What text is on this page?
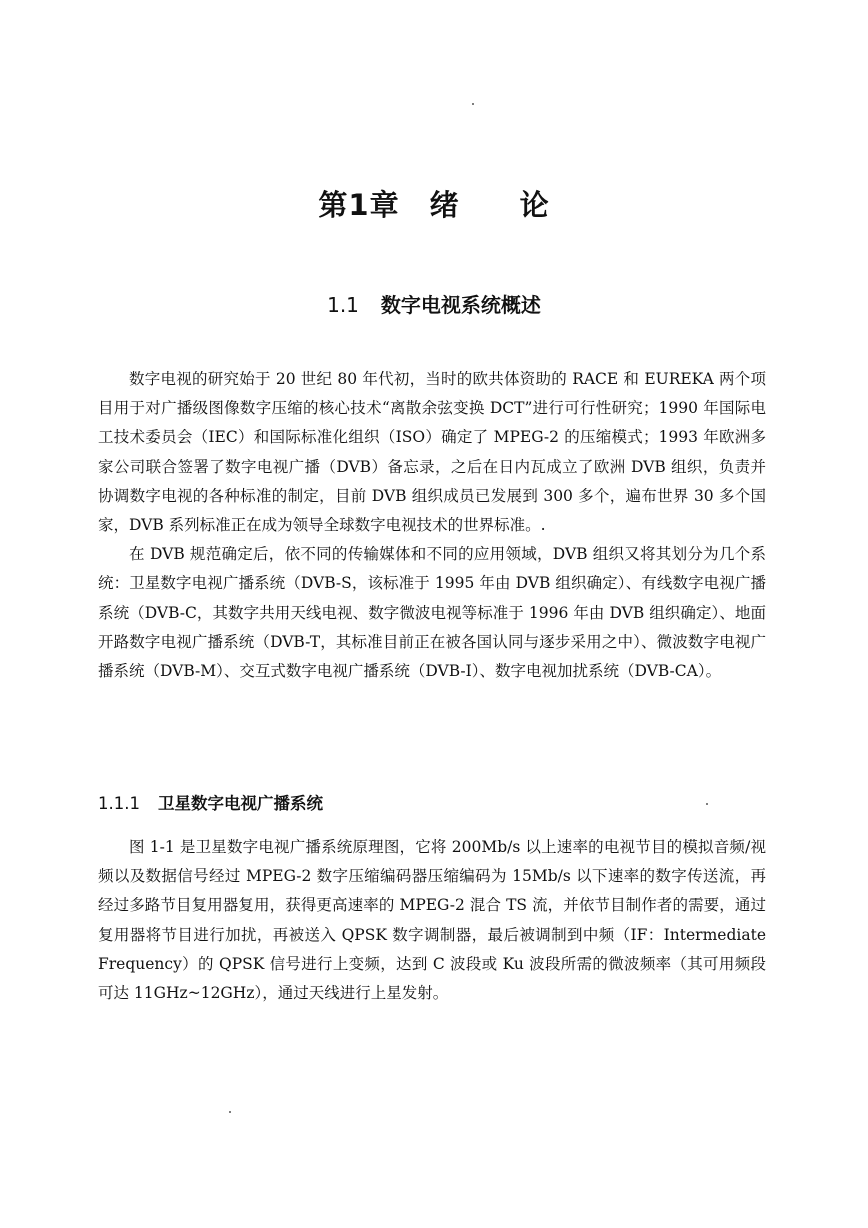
第1章 绪 论
1.1 数字电视系统概述

数字电视的研究始于 20 世纪 80 年代初，当时的欧共体资助的 RACE 和 EUREKA 两个项目用于对广播级图像数字压缩的核心技术“离散余弦变换 DCT”进行可行性研究；1990 年国际电工技术委员会（IEC）和国际标准化组织（ISO）确定了 MPEG-2 的压缩模式；1993 年欧洲多家公司联合签署了数字电视广播（DVB）备忘录，之后在日内瓦成立了欧洲 DVB 组织，负责并协调数字电视的各种标准的制定，目前 DVB 组织成员已发展到 300 多个，遍布世界 30 多个国家，DVB 系列标准正在成为领导全球数字电视技术的世界标准。.

在 DVB 规范确定后，依不同的传输媒体和不同的应用领域，DVB 组织又将其划分为几个系统：卫星数字电视广播系统（DVB-S，该标准于 1995 年由 DVB 组织确定）、有线数字电视广播系统（DVB-C，其数字共用天线电视、数字微波电视等标准于 1996 年由 DVB 组织确定）、地面开路数字电视广播系统（DVB-T，其标准目前正在被各国认同与逐步采用之中）、微波数字电视广播系统（DVB-M）、交互式数字电视广播系统（DVB-I）、数字电视加扰系统（DVB-CA）。

1.1.1 卫星数字电视广播系统

图 1-1 是卫星数字电视广播系统原理图，它将 200Mb/s 以上速率的电视节目的模拟音频/视频以及数据信号经过 MPEG-2 数字压缩编码器压缩编码为 15Mb/s 以下速率的数字传送流，再经过多路节目复用器复用，获得更高速率的 MPEG-2 混合 TS 流，并依节目制作者的需要，通过复用器将节目进行加扰，再被送入 QPSK 数字调制器，最后被调制到中频（IF：Intermediate Frequency）的 QPSK 信号进行上变频，达到 C 波段或 Ku 波段所需的微波频率（其可用频段可达 11GHz~12GHz），通过天线进行上星发射。
